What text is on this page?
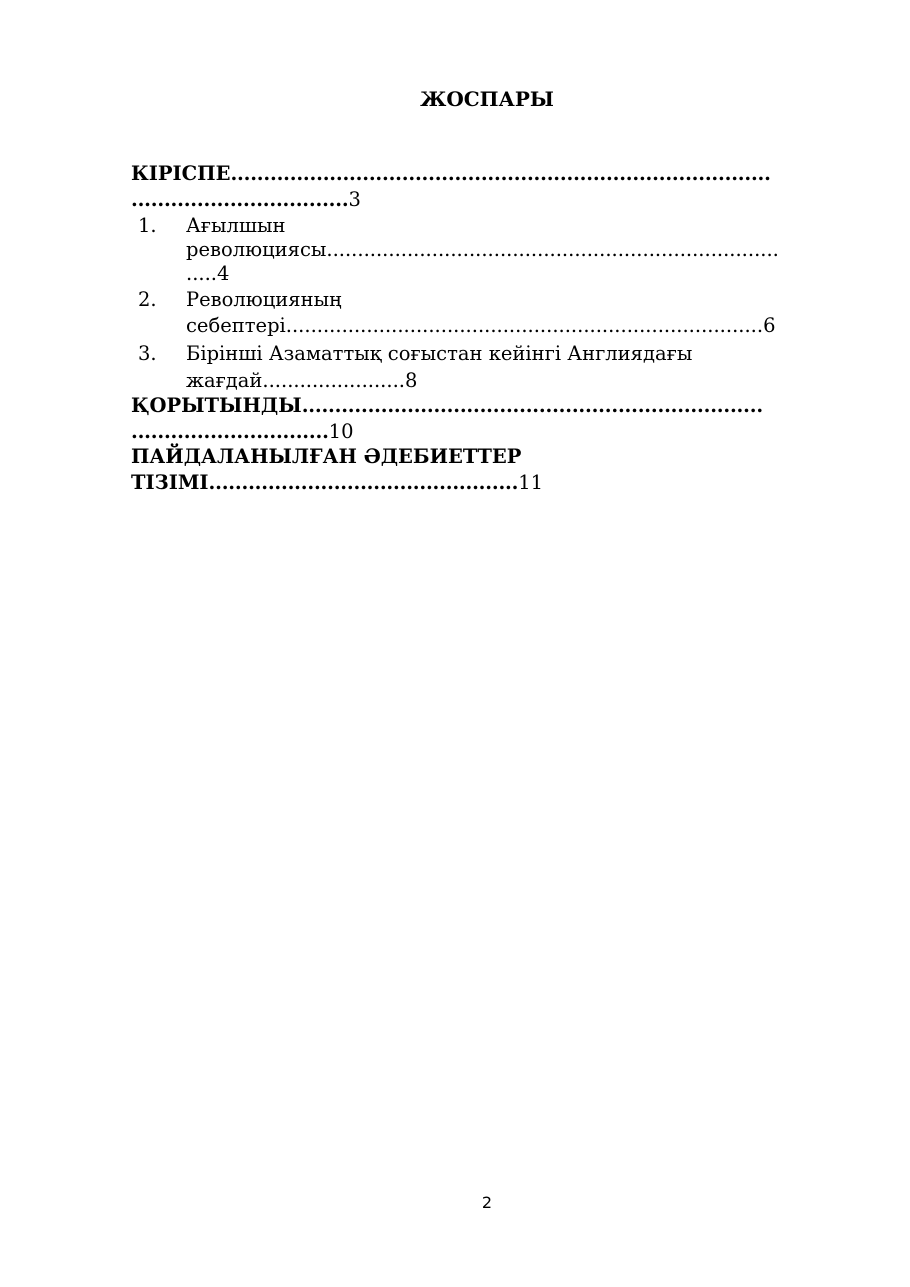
ЖОСПАРЫ
КІРІСПЕ..................................................................................
.................................3
1.	Ағылшын
революциясы.........................................................................
.....4
2.	Революцияның
себептері.............................................................................6
3.	Бірінші Азаматтық соғыстан кейінгі Англиядағы
жағдай.......................8
ҚОРЫТЫНДЫ......................................................................
..............................10
ПАЙДАЛАНЫЛҒАН ӘДЕБИЕТТЕР
ТІЗІМІ...............................................11
2
